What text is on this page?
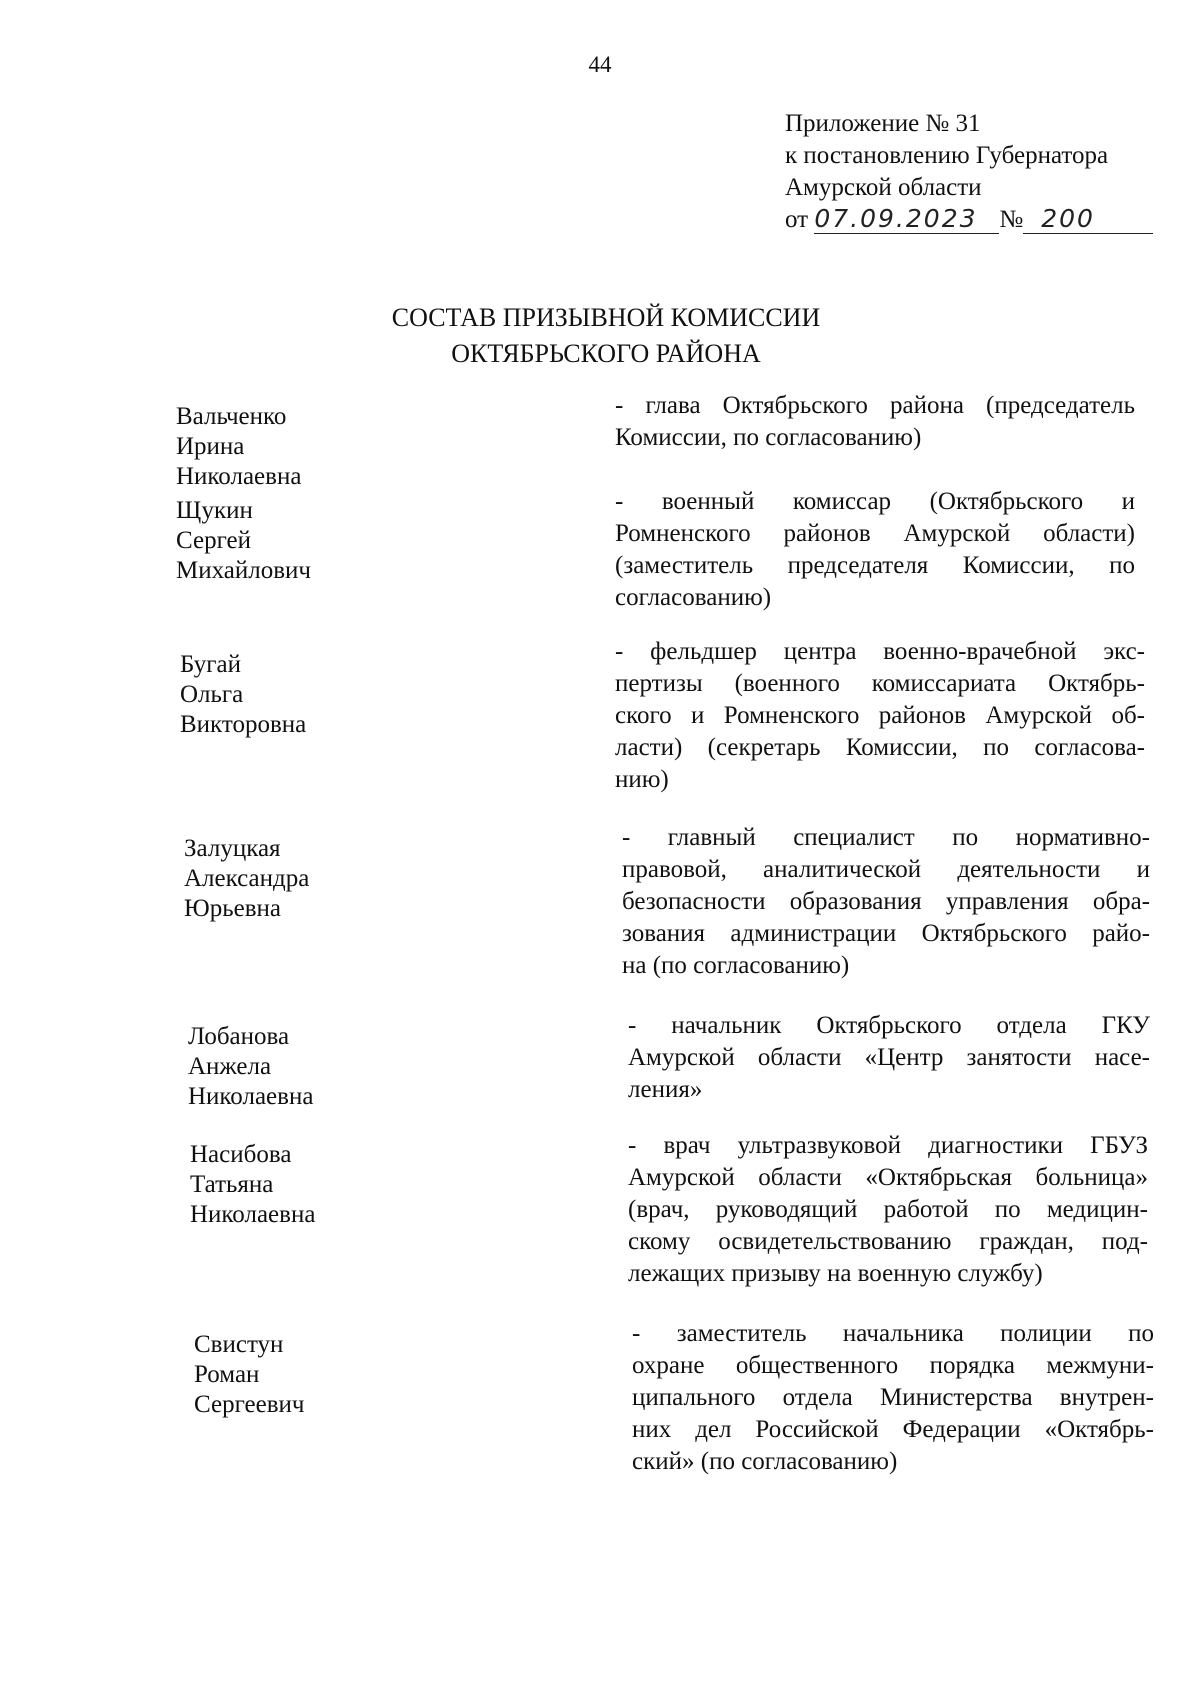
44
Приложение № 31
к постановлению Губернатора
Амурской области
от 07.09.2023 № 200
СОСТАВ ПРИЗЫВНОЙ КОМИССИИ
ОКТЯБРЬСКОГО РАЙОНА
Вальченко
Ирина Николаевна
- глава Октябрьского района (председатель
Комиссии, по согласованию)
Щукин
Сергей Михайлович
- военный комиссар (Октябрьского и
Ромненского районов Амурской области)
(заместитель председателя Комиссии, по
согласованию)
Бугай
Ольга Викторовна
- фельдшер центра военно-врачебной экс-
пертизы (военного комиссариата Октябрь-
ского и Ромненского районов Амурской об-
ласти) (секретарь Комиссии, по согласова-
нию)
Залуцкая
Александра Юрьевна
- главный специалист по нормативно-
правовой, аналитической деятельности и
безопасности образования управления обра-
зования администрации Октябрьского райо-
на (по согласованию)
Лобанова
Анжела Николаевна
- начальник Октябрьского отдела ГКУ
Амурской области «Центр занятости насе-
ления»
Насибова
Татьяна Николаевна
- врач ультразвуковой диагностики ГБУЗ
Амурской области «Октябрьская больница»
(врач, руководящий работой по медицин-
скому освидетельствованию граждан, под-
лежащих призыву на военную службу)
Свистун
Роман Сергеевич
- заместитель начальника полиции по
охране общественного порядка межмуни-
ципального отдела Министерства внутрен-
них дел Российской Федерации «Октябрь-
ский» (по согласованию)
